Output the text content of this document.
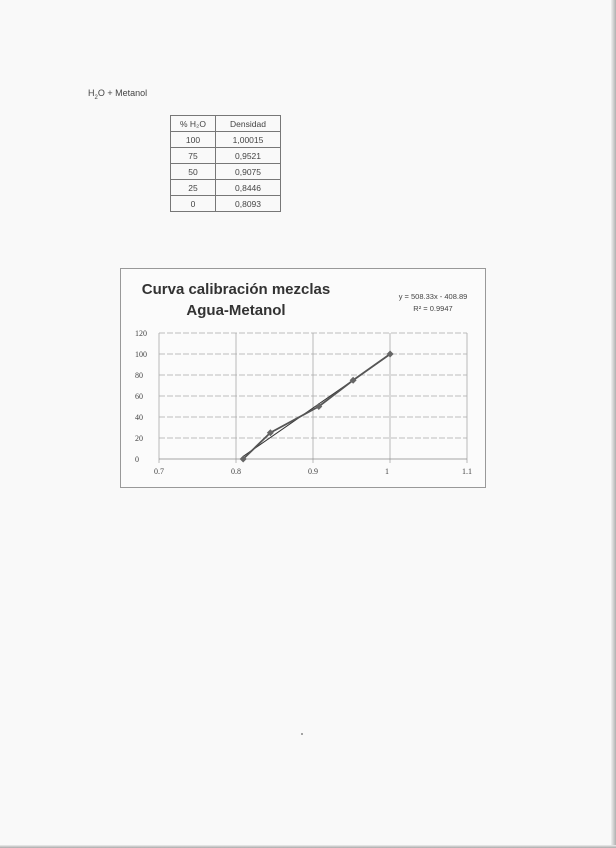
$H_2O$ + Metanol
% H₂O	Densidad
100	1,00015
75	0,9521
50	0,9075
25	0,8446
0	0,8093
0
20
40
60
80
100
120
0.7	0.8	0.9	1	1.1
Curva calibración mezclas
Agua-Metanol
y = 508.33x - 408.89
R² = 0.9947
